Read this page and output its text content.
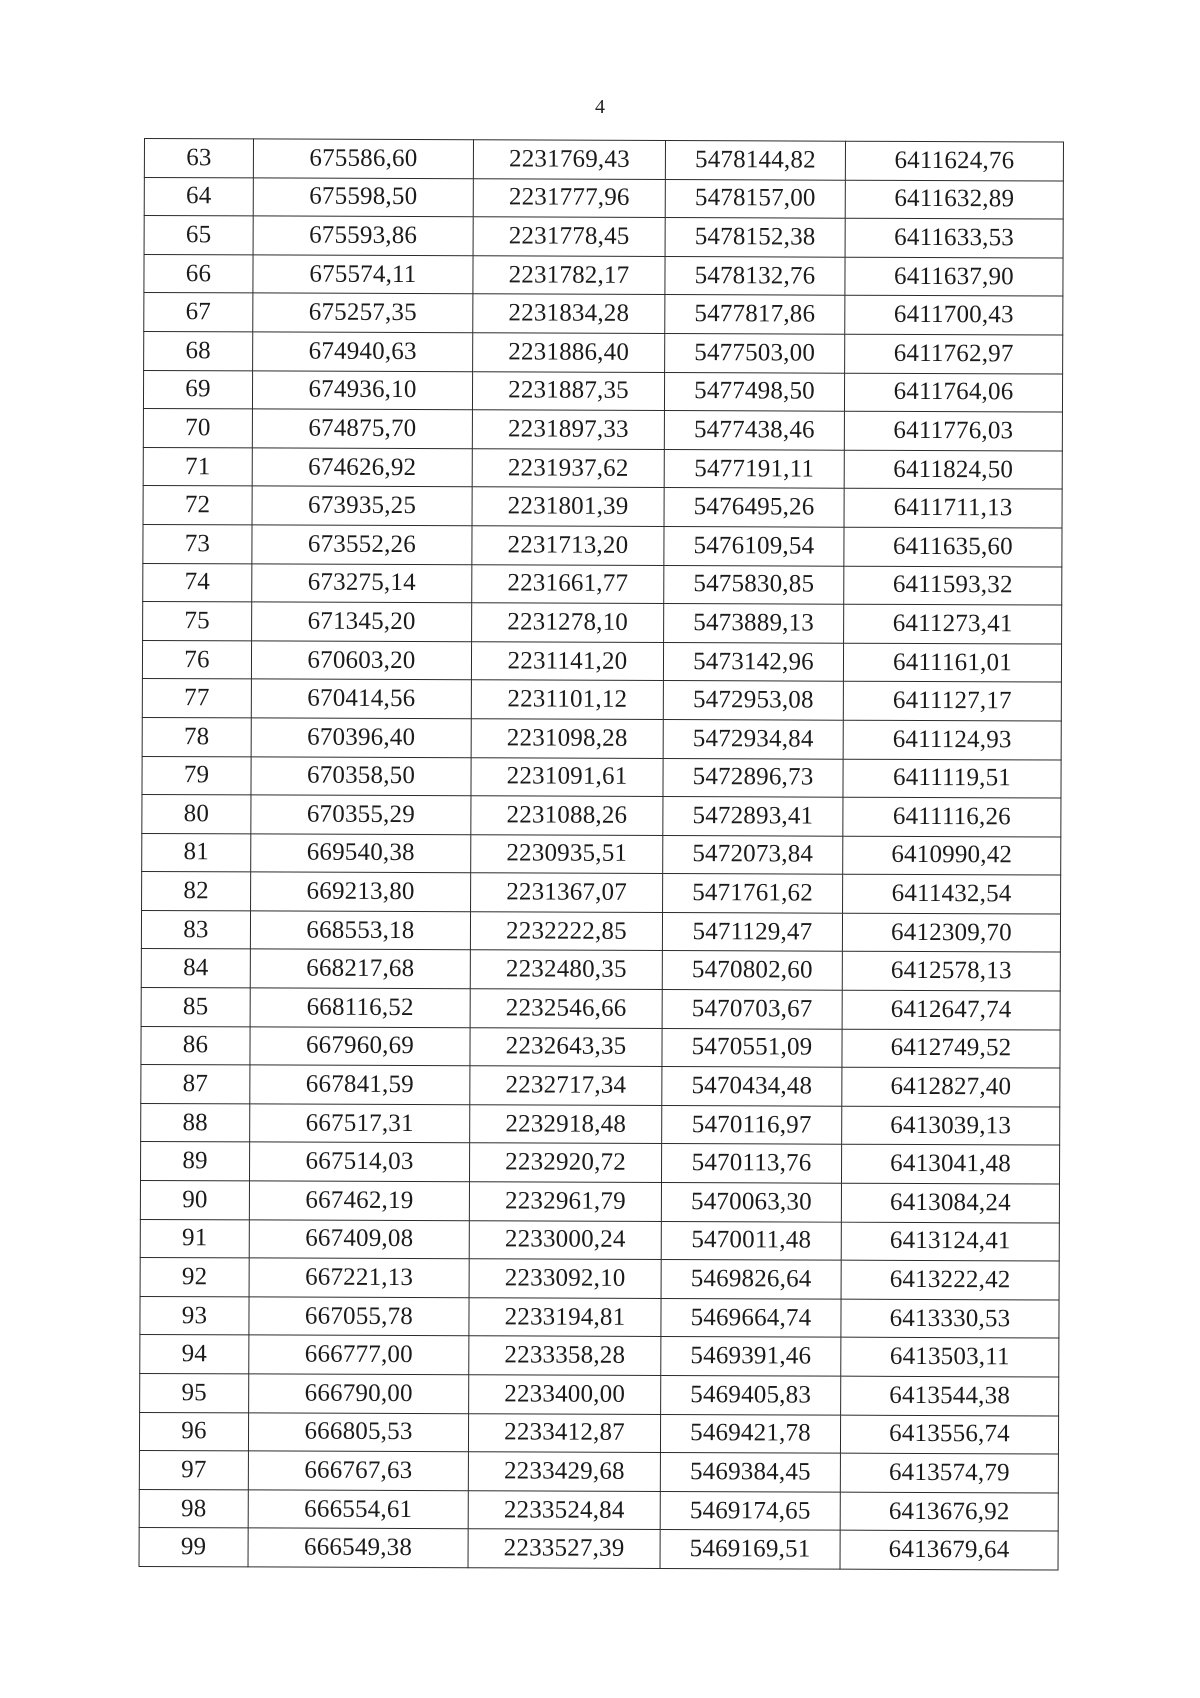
4
63	675586,60	2231769,43	5478144,82	6411624,76
64	675598,50	2231777,96	5478157,00	6411632,89
65	675593,86	2231778,45	5478152,38	6411633,53
66	675574,11	2231782,17	5478132,76	6411637,90
67	675257,35	2231834,28	5477817,86	6411700,43
68	674940,63	2231886,40	5477503,00	6411762,97
69	674936,10	2231887,35	5477498,50	6411764,06
70	674875,70	2231897,33	5477438,46	6411776,03
71	674626,92	2231937,62	5477191,11	6411824,50
72	673935,25	2231801,39	5476495,26	6411711,13
73	673552,26	2231713,20	5476109,54	6411635,60
74	673275,14	2231661,77	5475830,85	6411593,32
75	671345,20	2231278,10	5473889,13	6411273,41
76	670603,20	2231141,20	5473142,96	6411161,01
77	670414,56	2231101,12	5472953,08	6411127,17
78	670396,40	2231098,28	5472934,84	6411124,93
79	670358,50	2231091,61	5472896,73	6411119,51
80	670355,29	2231088,26	5472893,41	6411116,26
81	669540,38	2230935,51	5472073,84	6410990,42
82	669213,80	2231367,07	5471761,62	6411432,54
83	668553,18	2232222,85	5471129,47	6412309,70
84	668217,68	2232480,35	5470802,60	6412578,13
85	668116,52	2232546,66	5470703,67	6412647,74
86	667960,69	2232643,35	5470551,09	6412749,52
87	667841,59	2232717,34	5470434,48	6412827,40
88	667517,31	2232918,48	5470116,97	6413039,13
89	667514,03	2232920,72	5470113,76	6413041,48
90	667462,19	2232961,79	5470063,30	6413084,24
91	667409,08	2233000,24	5470011,48	6413124,41
92	667221,13	2233092,10	5469826,64	6413222,42
93	667055,78	2233194,81	5469664,74	6413330,53
94	666777,00	2233358,28	5469391,46	6413503,11
95	666790,00	2233400,00	5469405,83	6413544,38
96	666805,53	2233412,87	5469421,78	6413556,74
97	666767,63	2233429,68	5469384,45	6413574,79
98	666554,61	2233524,84	5469174,65	6413676,92
99	666549,38	2233527,39	5469169,51	6413679,64
